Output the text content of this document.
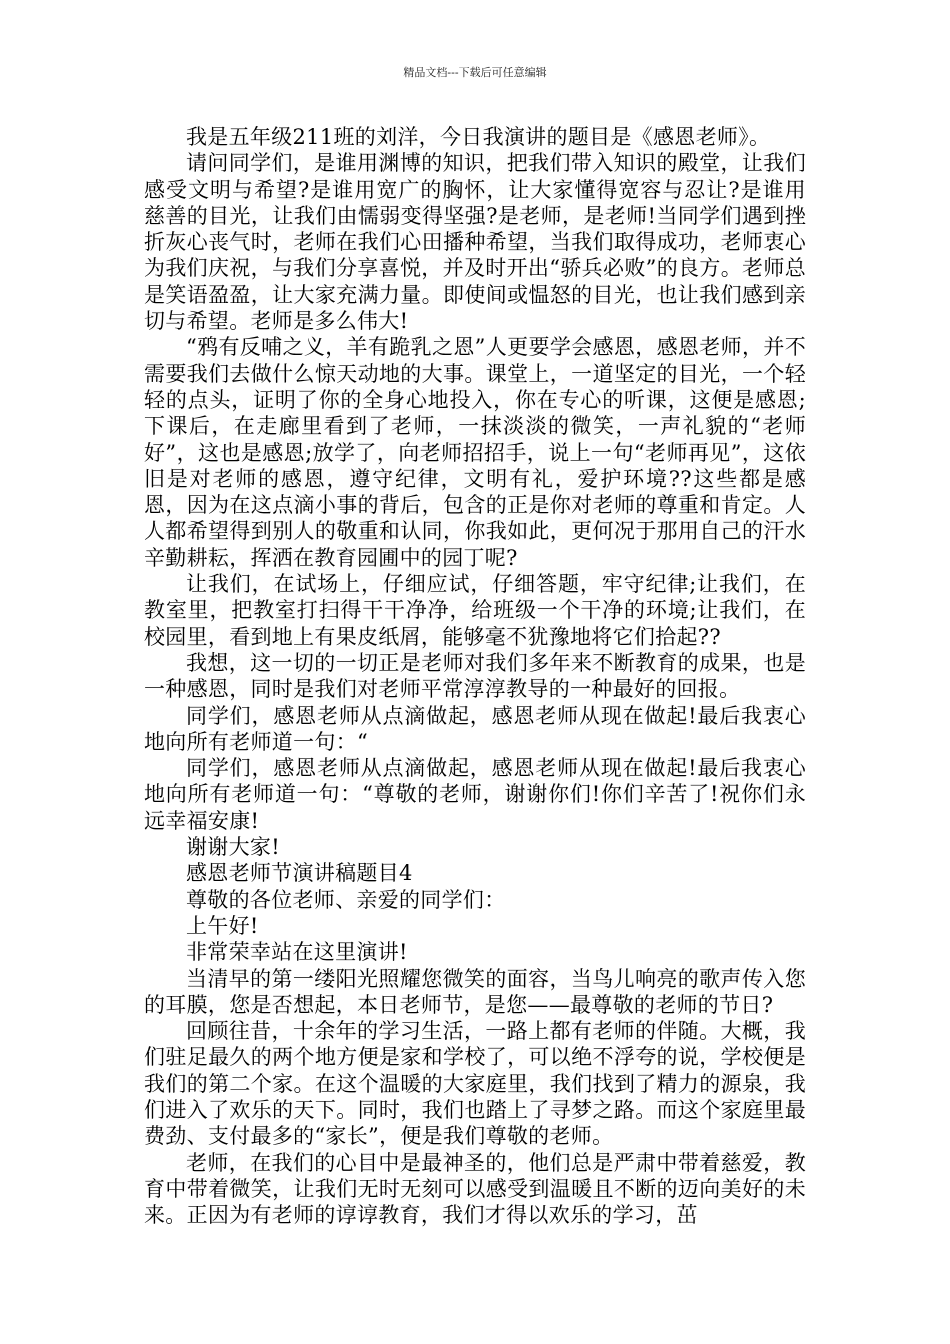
精品文档---下载后可任意编辑

我是五年级211班的刘洋，今日我演讲的题目是《感恩老师》。

请问同学们，是谁用渊博的知识，把我们带入知识的殿堂，让我们感受文明与希望?是谁用宽广的胸怀，让大家懂得宽容与忍让?是谁用慈善的目光，让我们由懦弱变得坚强?是老师，是老师!当同学们遇到挫折灰心丧气时，老师在我们心田播种希望，当我们取得成功，老师衷心为我们庆祝，与我们分享喜悦，并及时开出“骄兵必败”的良方。老师总是笑语盈盈，让大家充满力量。即使间或愠怒的目光，也让我们感到亲切与希望。老师是多么伟大!

“鸦有反哺之义，羊有跪乳之恩”人更要学会感恩，感恩老师，并不需要我们去做什么惊天动地的大事。课堂上，一道坚定的目光，一个轻轻的点头，证明了你的全身心地投入，你在专心的听课，这便是感恩;下课后，在走廊里看到了老师，一抹淡淡的微笑，一声礼貌的“老师好”，这也是感恩;放学了，向老师招招手，说上一句“老师再见”，这依旧是对老师的感恩，遵守纪律，文明有礼，爱护环境??这些都是感恩，因为在这点滴小事的背后，包含的正是你对老师的尊重和肯定。人人都希望得到别人的敬重和认同，你我如此，更何况于那用自己的汗水辛勤耕耘，挥洒在教育园圃中的园丁呢?

让我们，在试场上，仔细应试，仔细答题，牢守纪律;让我们，在教室里，把教室打扫得干干净净，给班级一个干净的环境;让我们，在校园里，看到地上有果皮纸屑，能够毫不犹豫地将它们拾起??

我想，这一切的一切正是老师对我们多年来不断教育的成果，也是一种感恩，同时是我们对老师平常淳淳教导的一种最好的回报。

同学们，感恩老师从点滴做起，感恩老师从现在做起!最后我衷心地向所有老师道一句：“

同学们，感恩老师从点滴做起，感恩老师从现在做起!最后我衷心地向所有老师道一句：“尊敬的老师，谢谢你们!你们辛苦了!祝你们永远幸福安康!

谢谢大家!

感恩老师节演讲稿题目4

尊敬的各位老师、亲爱的同学们：

上午好!

非常荣幸站在这里演讲!

当清早的第一缕阳光照耀您微笑的面容，当鸟儿响亮的歌声传入您的耳膜，您是否想起，本日老师节，是您——最尊敬的老师的节日?

回顾往昔，十余年的学习生活，一路上都有老师的伴随。大概，我们驻足最久的两个地方便是家和学校了，可以绝不浮夸的说，学校便是我们的第二个家。在这个温暖的大家庭里，我们找到了精力的源泉，我们进入了欢乐的天下。同时，我们也踏上了寻梦之路。而这个家庭里最费劲、支付最多的“家长”，便是我们尊敬的老师。

老师，在我们的心目中是最神圣的，他们总是严肃中带着慈爱，教育中带着微笑，让我们无时无刻可以感受到温暖且不断的迈向美好的未来。正因为有老师的谆谆教育，我们才得以欢乐的学习，茁
